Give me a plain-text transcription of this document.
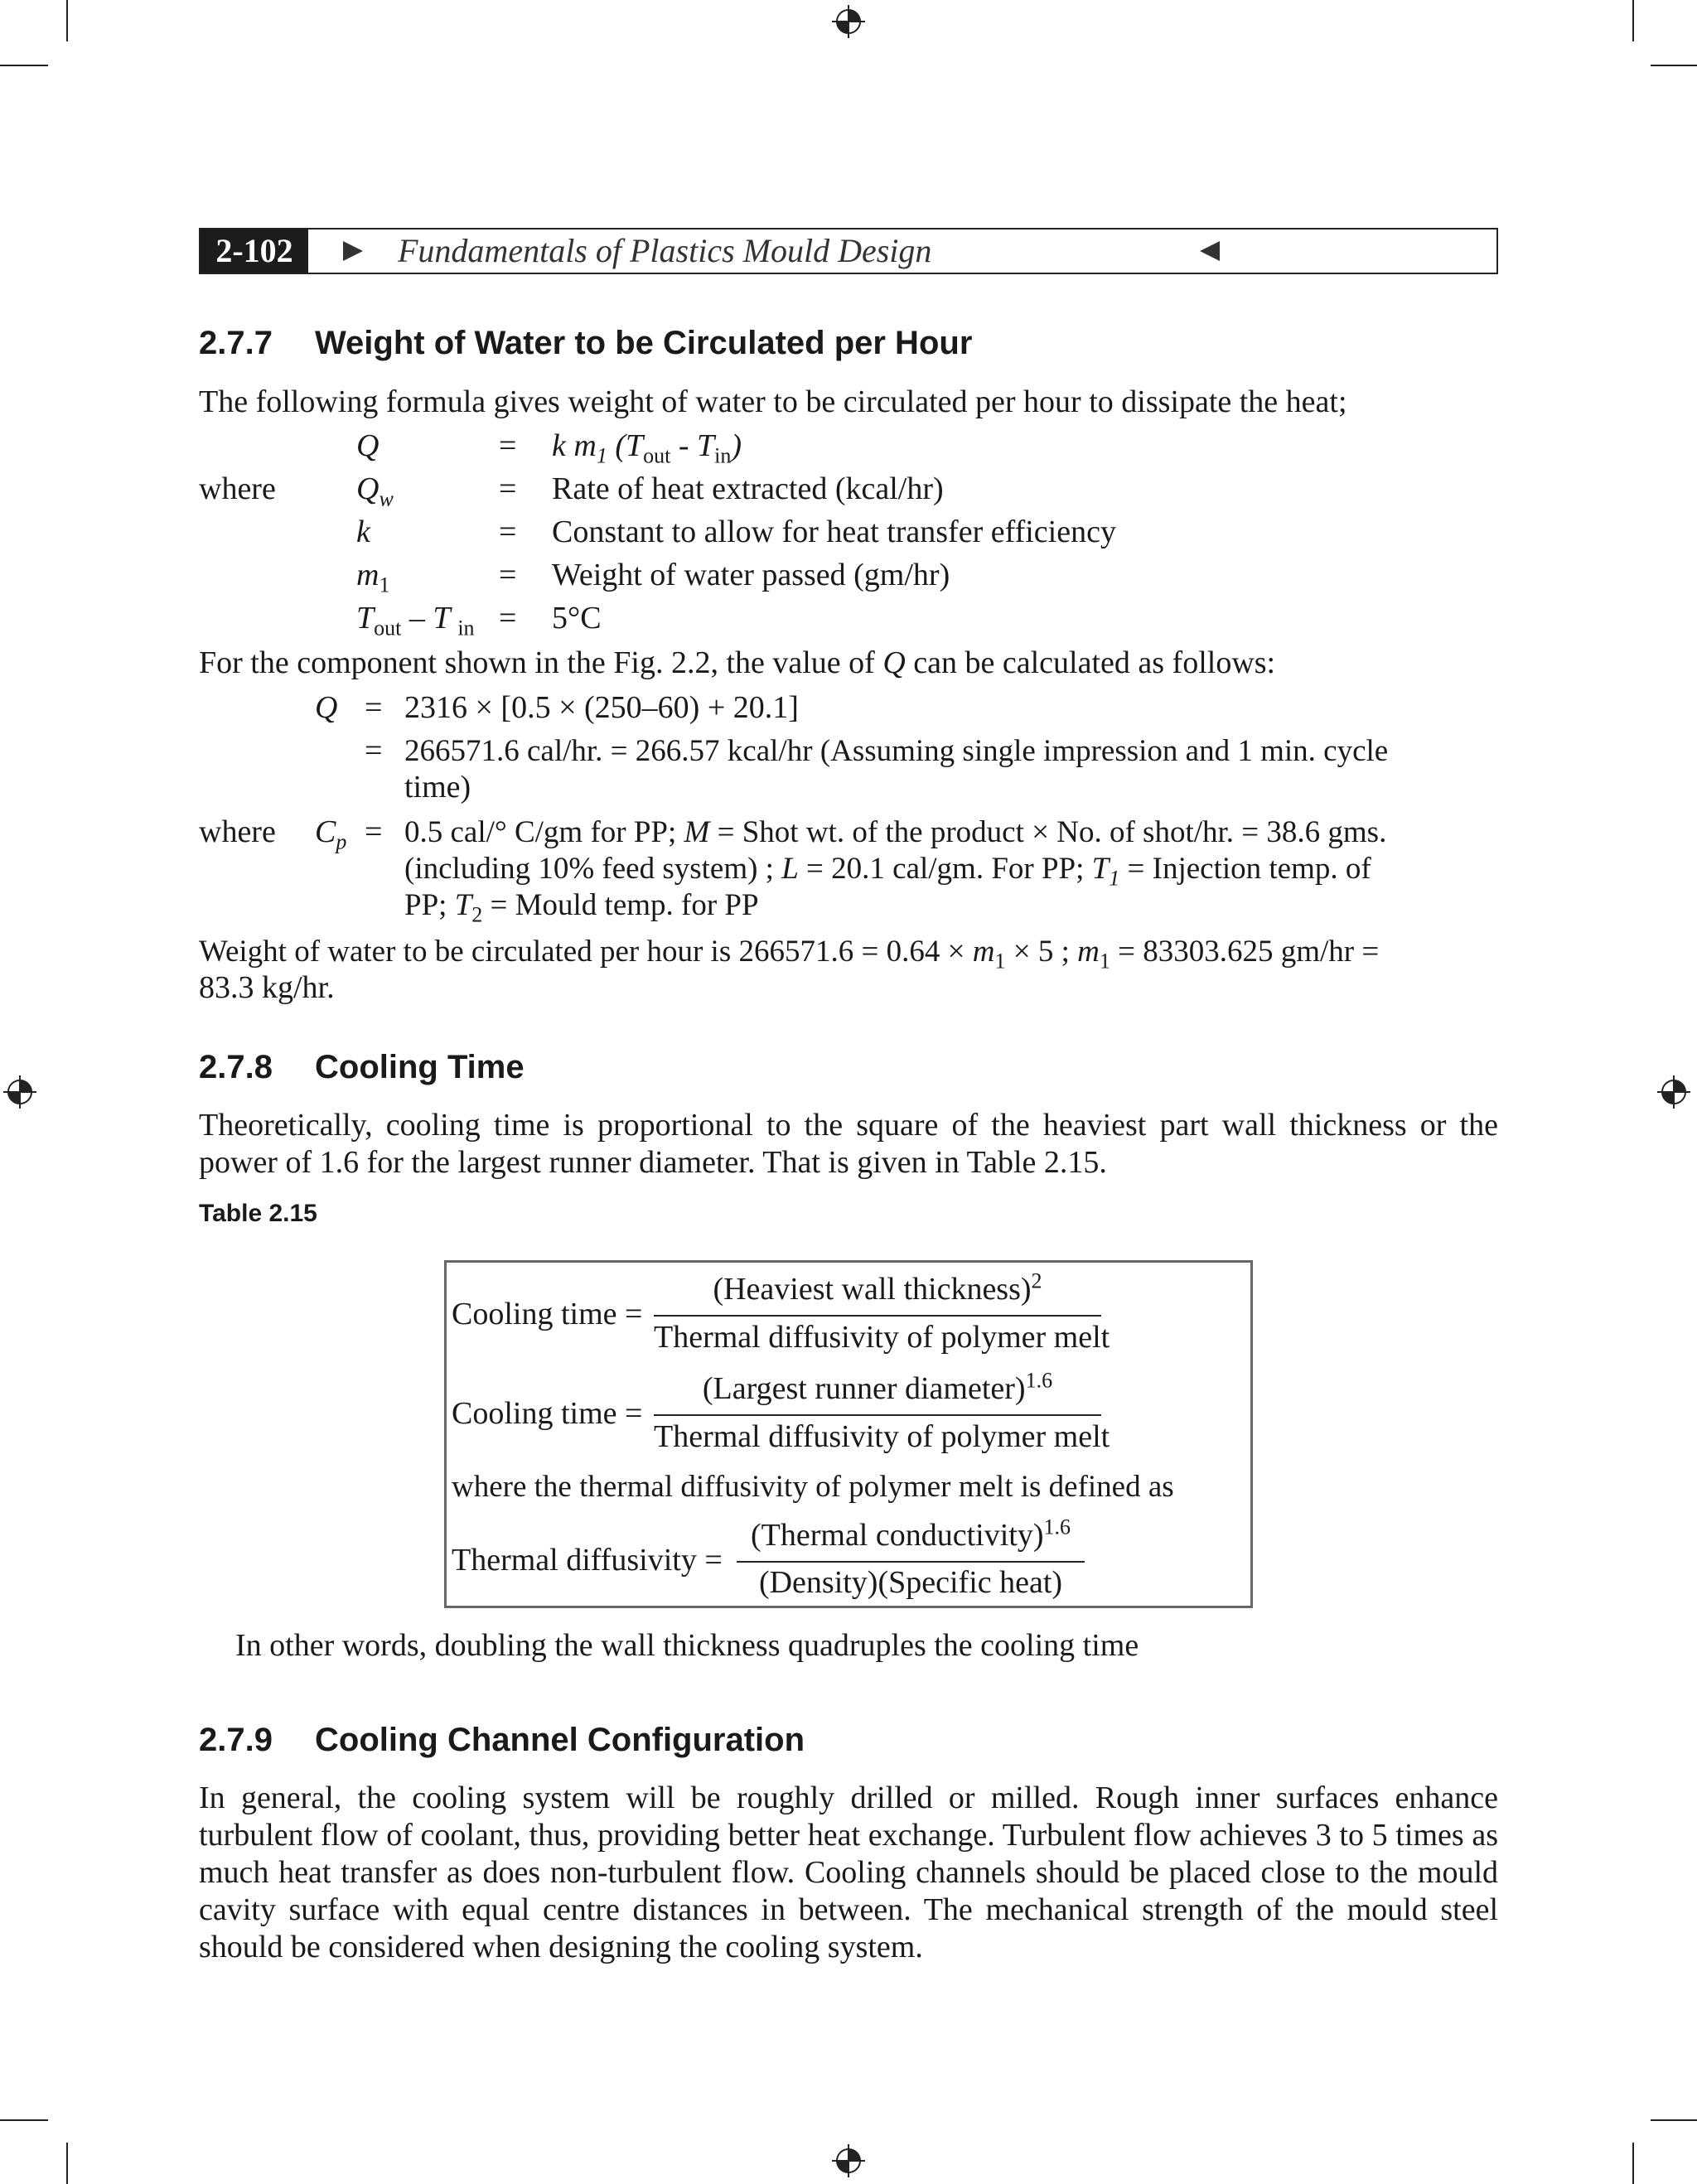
2-102	Fundamentals of Plastics Mould Design
2.7.7 Weight of Water to be Circulated per Hour
The following formula gives weight of water to be circulated per hour to dissipate the heat;
where
Q	= k $m_1$ $(T_{out} - T_{in})$
$Q_w$	= Rate of heat extracted (kcal/hr)
k	= Constant to allow for heat transfer efficiency
$m_1$	= Weight of water passed (gm/hr)
$T_{out}$ – T $_{in}$ = 5°C
For the component shown in the Fig. 2.2, the value of Q can be calculated as follows:
Q = 2316 × [0.5 × (250–60) + 20.1]
= 266571.6 cal/hr. = 266.57 kcal/hr (Assuming single impression and 1 min. cycle
time)
where $C_p = 0.5$ cal/° C/gm for PP; M = Shot wt. of the product × No. of shot/hr. = 38.6 gms.
(including 10% feed system) ; L = 20.1 cal/gm. For PP; $T_1$ = Injection temp. of
PP; $T_2$ = Mould temp. for PP
Weight of water to be circulated per hour is $266571.6 = 0.64 \times m_1 \times 5$ ; $m_1 = 83303.625$ gm/hr =
83.3 kg/hr.
2.7.8 Cooling Time
Theoretically, cooling time is proportional to the square of the heaviest part wall thickness or the power of 1.6 for the largest runner diameter. That is given in Table 2.15.
Table 2.15
Cooling time =
(Heaviest wall thickness)$^2$
Thermal diffusivity of polymer melt
Cooling time =
(Largest runner diameter)$^{1.6}$
Thermal diffusivity of polymer melt
where the thermal diffusivity of polymer melt is defined as
Thermal diffusivity =
(Thermal conductivity)$^{1.6}$
(Density)(Specific heat)
In other words, doubling the wall thickness quadruples the cooling time
2.7.9 Cooling Channel Configuration
In general, the cooling system will be roughly drilled or milled. Rough inner surfaces enhance turbulent flow of coolant, thus, providing better heat exchange. Turbulent flow achieves 3 to 5 times as much heat transfer as does non-turbulent flow. Cooling channels should be placed close to the mould cavity surface with equal centre distances in between. The mechanical strength of the mould steel should be considered when designing the cooling system.
